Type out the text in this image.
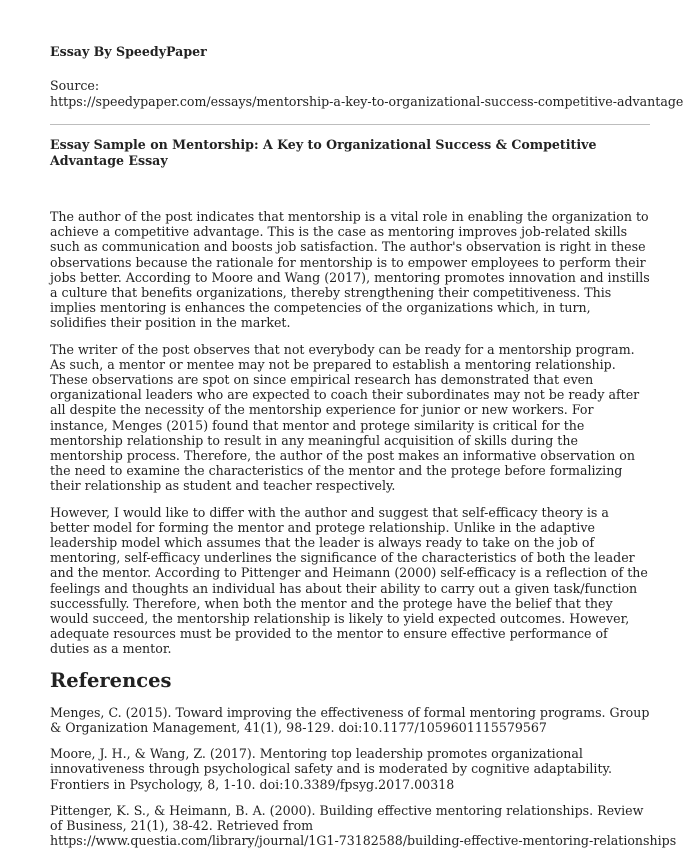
Essay By SpeedyPaper
Source:
https://speedypaper.com/essays/mentorship-a-key-to-organizational-success-competitive-advantage
Essay Sample on Mentorship: A Key to Organizational Success & Competitive Advantage Essay

The author of the post indicates that mentorship is a vital role in enabling the organization to achieve a competitive advantage. This is the case as mentoring improves job-related skills such as communication and boosts job satisfaction. The author's observation is right in these observations because the rationale for mentorship is to empower employees to perform their jobs better. According to Moore and Wang (2017), mentoring promotes innovation and instills a culture that benefits organizations, thereby strengthening their competitiveness. This implies mentoring is enhances the competencies of the organizations which, in turn, solidifies their position in the market.

The writer of the post observes that not everybody can be ready for a mentorship program. As such, a mentor or mentee may not be prepared to establish a mentoring relationship. These observations are spot on since empirical research has demonstrated that even organizational leaders who are expected to coach their subordinates may not be ready after all despite the necessity of the mentorship experience for junior or new workers. For instance, Menges (2015) found that mentor and protege similarity is critical for the mentorship relationship to result in any meaningful acquisition of skills during the mentorship process. Therefore, the author of the post makes an informative observation on the need to examine the characteristics of the mentor and the protege before formalizing their relationship as student and teacher respectively.

However, I would like to differ with the author and suggest that self-efficacy theory is a better model for forming the mentor and protege relationship. Unlike in the adaptive leadership model which assumes that the leader is always ready to take on the job of mentoring, self-efficacy underlines the significance of the characteristics of both the leader and the mentor. According to Pittenger and Heimann (2000) self-efficacy is a reflection of the feelings and thoughts an individual has about their ability to carry out a given task/function successfully. Therefore, when both the mentor and the protege have the belief that they would succeed, the mentorship relationship is likely to yield expected outcomes. However, adequate resources must be provided to the mentor to ensure effective performance of duties as a mentor.

References
Menges, C. (2015). Toward improving the effectiveness of formal mentoring programs. Group & Organization Management, 41(1), 98-129. doi:10.1177/1059601115579567
Moore, J. H., & Wang, Z. (2017). Mentoring top leadership promotes organizational innovativeness through psychological safety and is moderated by cognitive adaptability. Frontiers in Psychology, 8, 1-10. doi:10.3389/fpsyg.2017.00318
Pittenger, K. S., & Heimann, B. A. (2000). Building effective mentoring relationships. Review of Business, 21(1), 38-42. Retrieved from
https://www.questia.com/library/journal/1G1-73182588/building-effective-mentoring-relationships
